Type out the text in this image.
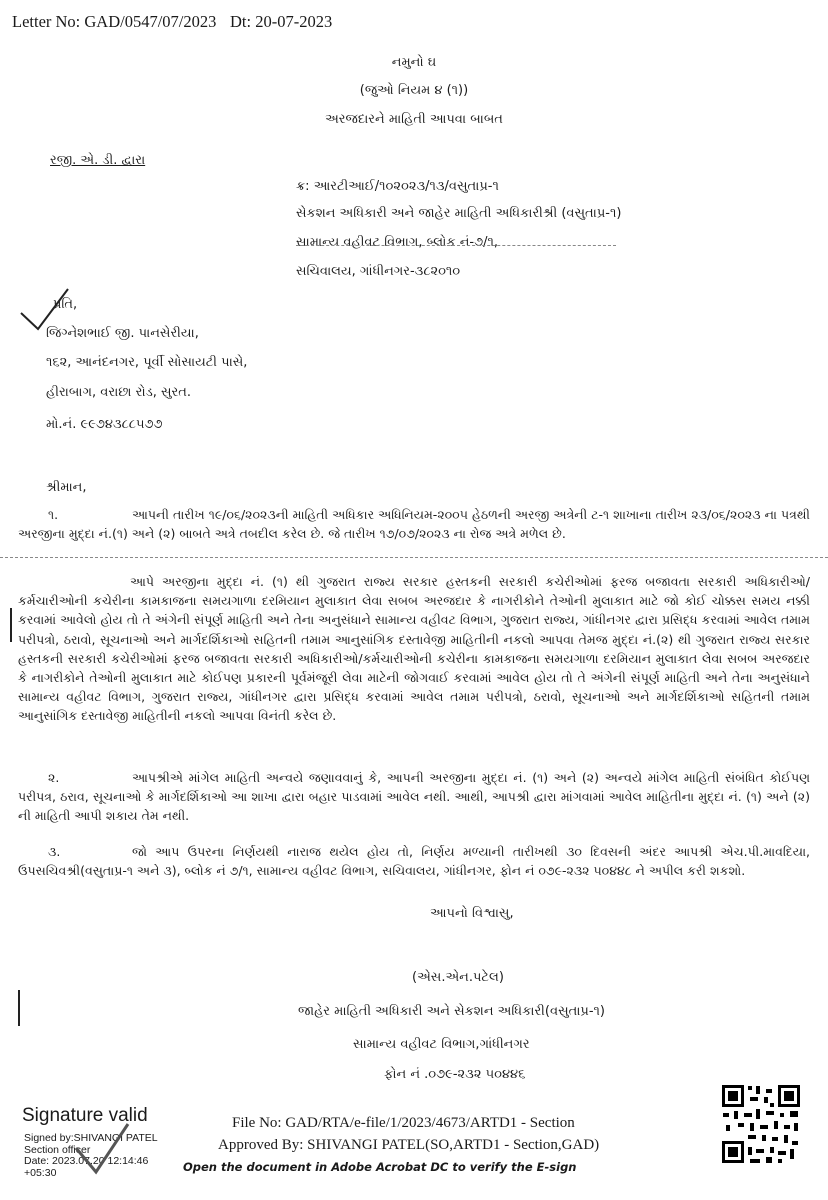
Letter No: GAD/0547/07/2023 Dt: 20-07-2023
નમુનો ઘ
(જુઓ નિયમ ૪ (૧))
અરજદારને માહિતી આપવા બાબત
રજી. એ. ડી. દ્વારા
ક્ર: આરટીઆઈ/૧૦૨૦૨૩/૧૩/વસુતાપ્ર-૧
સેકશન અધિકારી અને જાહેર માહિતી અધિકારીશ્રી (વસુતાપ્ર-૧)
સામાન્ય વહીવટ વિભાગ, બ્લોક નં-૭/૧,
સચિવાલય, ગાંધીનગર-૩૮૨૦૧૦
પ્રતિ,
જિગ્નેશભાઈ જી. પાનસેરીયા,
૧૬૨, આનંદનગર, પૂર્વી સોસાયટી પાસે,
હીરાબાગ, વરાછા રોડ, સુરત.
મો.નં. ૯૯૭૪૩૮૮૫૭૭
શ્રીમાન,
૧.	આપની તારીખ ૧૯/૦૬/૨૦૨૩ની માહિતી અધિકાર અધિનિયમ-૨૦૦૫ હેઠળની અરજી અત્રેની ટ-૧ શાખાના તારીખ ૨૩/૦૬/૨૦૨૩ ના પત્રથી અરજીના મુદ્દા નં.(૧) અને (૨) બાબતે અત્રે તબદીલ કરેલ છે. જે તારીખ ૧૭/૦૭/૨૦૨૩ ના રોજ અત્રે મળેલ છે.
આપે અરજીના મુદ્દા નં. (૧) થી ગુજરાત રાજ્ય સરકાર હસ્તકની સરકારી કચેરીઓમાં ફરજ બજાવતા સરકારી અધિકારીઓ/કર્મચારીઓની કચેરીના કામકાજના સમયગાળા દરમિયાન મુલાકાત લેવા સબબ અરજદાર કે નાગરીકોને તેઓની મુલાકાત માટે જો કોઈ ચોક્કસ સમય નક્કી કરવામાં આવેલો હોય તો તે અંગેની સંપૂર્ણ માહિતી અને તેના અનુસંધાને સામાન્ય વહીવટ વિભાગ, ગુજરાત રાજ્ય, ગાંધીનગર દ્વારા પ્રસિદ્ધ કરવામાં આવેલ તમામ પરીપત્રો, ઠરાવો, સૂચનાઓ અને માર્ગદર્શિકાઓ સહિતની તમામ આનુસાંગિક દસ્તાવેજી માહિતીની નકલો આપવા તેમજ મુદ્દા નં.(૨) થી ગુજરાત રાજ્ય સરકાર હસ્તકની સરકારી કચેરીઓમાં ફરજ બજાવતા સરકારી અધિકારીઓ/કર્મચારીઓની કચેરીના કામકાજના સમયગાળા દરમિયાન મુલાકાત લેવા સબબ અરજદાર કે નાગરીકોને તેઓની મુલાકાત માટે કોઈપણ પ્રકારની પૂર્વમંજૂરી લેવા માટેની જોગવાઈ કરવામાં આવેલ હોય તો તે અંગેની સંપૂર્ણ માહિતી અને તેના અનુસંધાને સામાન્ય વહીવટ વિભાગ, ગુજરાત રાજ્ય, ગાંધીનગર દ્વારા પ્રસિદ્ધ કરવામાં આવેલ તમામ પરીપત્રો, ઠરાવો, સૂચનાઓ અને માર્ગદર્શિકાઓ સહિતની તમામ આનુસાંગિક દસ્તાવેજી માહિતીની નકલો આપવા વિનંતી કરેલ છે.
૨.	આપશ્રીએ માંગેલ માહિતી અન્વયે જણાવવાનું કે, આપની અરજીના મુદ્દા નં. (૧) અને (૨) અન્વયે માંગેલ માહિતી સંબંધિત કોઈપણ પરીપત્ર, ઠરાવ, સૂચનાઓ કે માર્ગદર્શિકાઓ આ શાખા દ્વારા બહાર પાડવામાં આવેલ નથી. આથી, આપશ્રી દ્વારા માંગવામાં આવેલ માહિતીના મુદ્દા નં. (૧) અને (૨) ની માહિતી આપી શકાય તેમ નથી.
૩.	જો આપ ઉપરના નિર્ણયથી નારાજ થયેલ હોય તો, નિર્ણય મળ્યાની તારીખથી ૩૦ દિવસની અંદર આપશ્રી એચ.પી.માવદિયા, ઉપસચિવશ્રી(વસુતાપ્ર-૧ અને ૩), બ્લોક નં ૭/૧, સામાન્ય વહીવટ વિભાગ, સચિવાલય, ગાંધીનગર, ફોન નં ૦૭૯-૨૩૨ ૫૦૪૪૮ ને અપીલ કરી શકશો.
આપનો વિશ્વાસુ,
(એસ.એન.પટેલ)
જાહેર માહિતી અધિકારી અને સેકશન અધિકારી(વસુતાપ્ર-૧)
સામાન્ય વહીવટ વિભાગ,ગાંધીનગર
ફોન નં .૦૭૯-૨૩૨ ૫૦૪૪૬
Signature valid
Signed by:SHIVANGI PATEL
Section officer
Date: 2023.07.20 12:14:46
+05:30
File No: GAD/RTA/e-file/1/2023/4673/ARTD1 - Section
Approved By: SHIVANGI PATEL(SO,ARTD1 - Section,GAD)
Open the document in Adobe Acrobat DC to verify the E-sign
